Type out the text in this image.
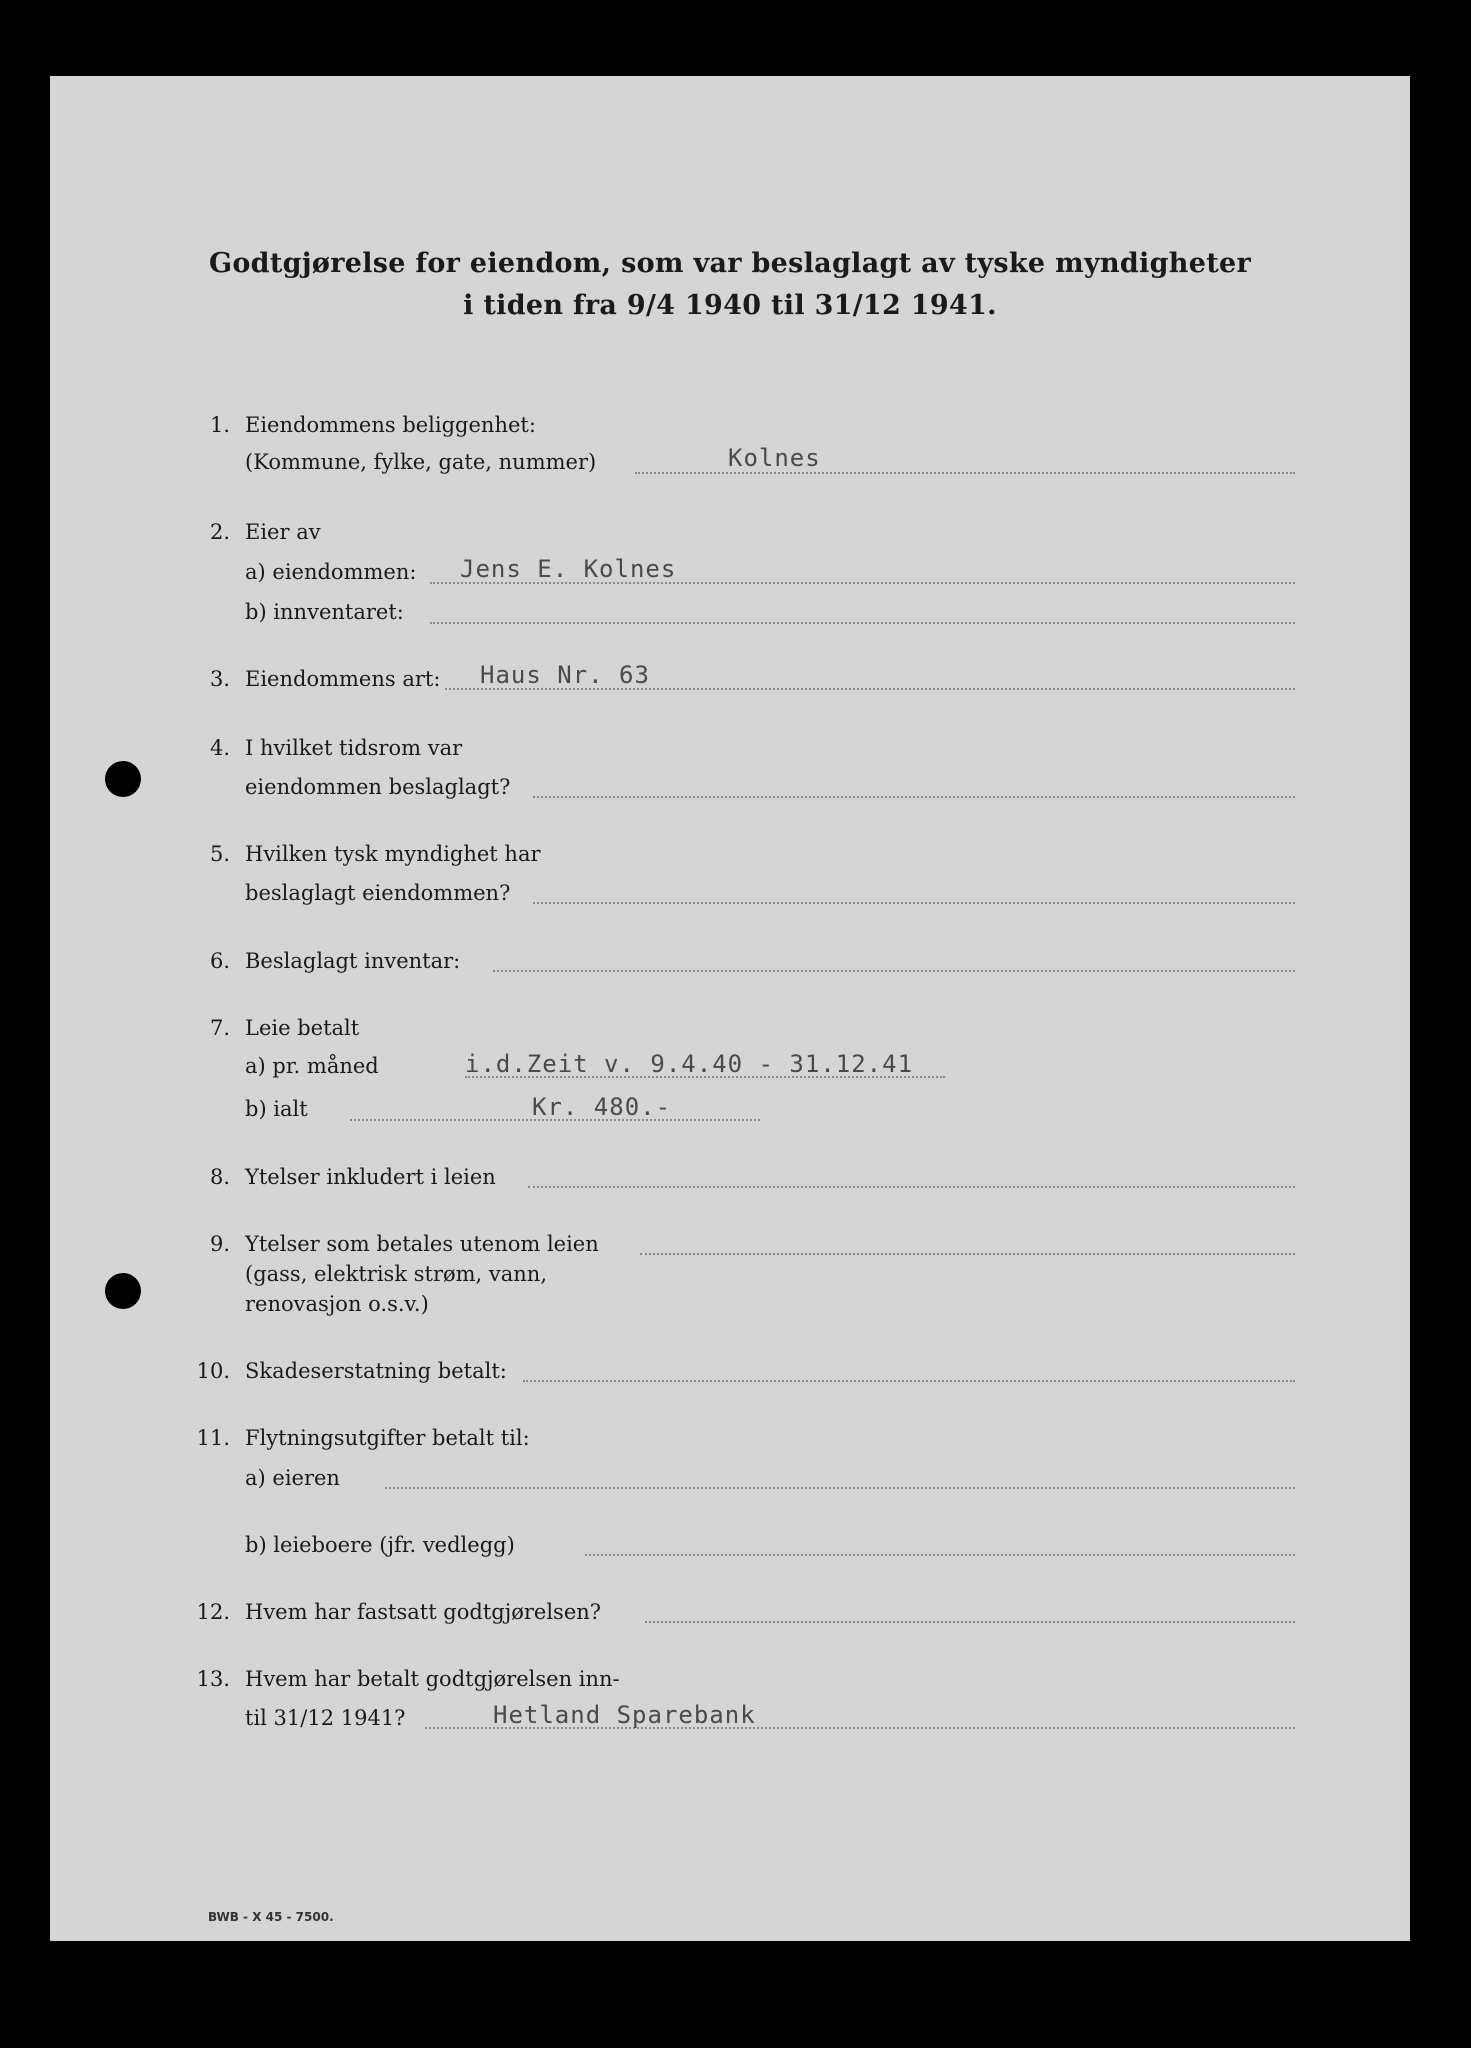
Godtgjørelse for eiendom, som var beslaglagt av tyske myndigheter
i tiden fra 9/4 1940 til 31/12 1941.
1. Eiendommens beliggenhet:
(Kommune, fylke, gate, nummer)	Kolnes
2. Eier av
a) eiendommen: Jens E. Kolnes
b) innventaret:
3. Eiendommens art: Haus Nr. 63
4. I hvilket tidsrom var
eiendommen beslaglagt?
5. Hvilken tysk myndighet har
beslaglagt eiendommen?
6. Beslaglagt inventar:
7. Leie betalt
a) pr. måned	i.d.Zeit v. 9.4.40 - 31.12.41
b) ialt	Kr. 480.-
8. Ytelser inkludert i leien
9. Ytelser som betales utenom leien
(gass, elektrisk strøm, vann,
renovasjon o.s.v.)
10. Skadeserstatning betalt:
11. Flytningsutgifter betalt til:
a) eieren
b) leieboere (jfr. vedlegg)
12. Hvem har fastsatt godtgjørelsen?
13. Hvem har betalt godtgjørelsen inn-
til 31/12 1941?	Hetland Sparebank
BWB - X 45 - 7500.
